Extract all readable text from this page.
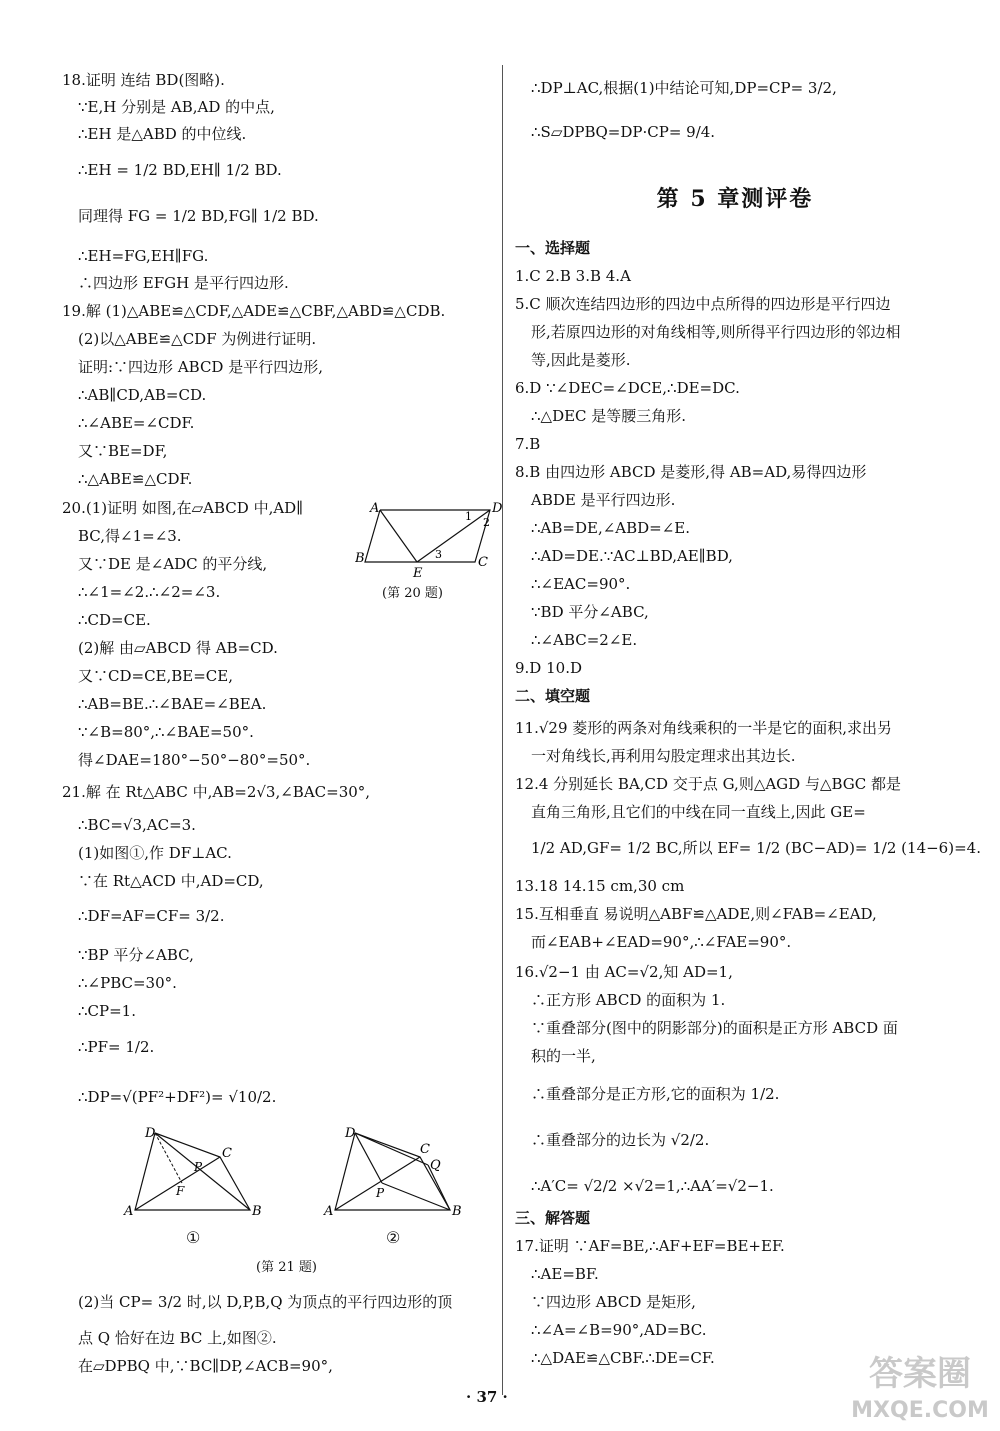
18.证明 连结 BD(图略).
∵E,H 分别是 AB,AD 的中点,
∴EH 是△ABD 的中位线.
∴EH = 1/2 BD,EH∥ 1/2 BD.
同理得 FG = 1/2 BD,FG∥ 1/2 BD.
∴EH=FG,EH∥FG.
∴四边形 EFGH 是平行四边形.
19.解 (1)△ABE≌△CDF,△ADE≌△CBF,△ABD≌△CDB.
(2)以△ABE≌△CDF 为例进行证明.
证明:∵四边形 ABCD 是平行四边形,
∴AB∥CD,AB=CD.
∴∠ABE=∠CDF.
又∵BE=DF,
∴△ABE≌△CDF.
20.(1)证明 如图,在▱ABCD 中,AD∥
BC,得∠1=∠3.
又∵DE 是∠ADC 的平分线,
∴∠1=∠2.∴∠2=∠3.
∴CD=CE.
(2)解 由▱ABCD 得 AB=CD.
又∵CD=CE,BE=CE,
∴AB=BE.∴∠BAE=∠BEA.
∵∠B=80°,∴∠BAE=50°.
得∠DAE=180°−50°−80°=50°.
21.解 在 Rt△ABC 中,AB=2√3,∠BAC=30°,
∴BC=√3,AC=3.
(1)如图①,作 DF⊥AC.
∵在 Rt△ACD 中,AD=CD,
∴DF=AF=CF= 3/2.
∵BP 平分∠ABC,
∴∠PBC=30°.
∴CP=1.
∴PF= 1/2.
∴DP=√(PF²+DF²)= √10/2.
(2)当 CP= 3/2 时,以 D,P,B,Q 为顶点的平行四边形的顶
点 Q 恰好在边 BC 上,如图②.
在▱DPBQ 中,∵BC∥DP,∠ACB=90°,
A
B
E
C
D
1 2
3
(第 20 题)
D
C
P
F
A	B
①
D
C
Q
P
A	B
②
(第 21 题)
∴DP⊥AC,根据(1)中结论可知,DP=CP= 3/2,
∴S▱DPBQ=DP·CP= 9/4.
第 5 章测评卷
一、选择题
1.C 2.B 3.B 4.A
5.C 顺次连结四边形的四边中点所得的四边形是平行四边
形,若原四边形的对角线相等,则所得平行四边形的邻边相
等,因此是菱形.
6.D ∵∠DEC=∠DCE,∴DE=DC.
∴△DEC 是等腰三角形.
7.B
8.B 由四边形 ABCD 是菱形,得 AB=AD,易得四边形
ABDE 是平行四边形.
∴AB=DE,∠ABD=∠E.
∴AD=DE.∵AC⊥BD,AE∥BD,
∴∠EAC=90°.
∵BD 平分∠ABC,
∴∠ABC=2∠E.
9.D 10.D
二、填空题
11.√29 菱形的两条对角线乘积的一半是它的面积,求出另
一对角线长,再利用勾股定理求出其边长.
12.4 分别延长 BA,CD 交于点 G,则△AGD 与△BGC 都是
直角三角形,且它们的中线在同一直线上,因此 GE=
1/2 AD,GF= 1/2 BC,所以 EF= 1/2 (BC−AD)= 1/2 (14−6)=4.
13.18 14.15 cm,30 cm
15.互相垂直 易说明△ABF≌△ADE,则∠FAB=∠EAD,
而∠EAB+∠EAD=90°,∴∠FAE=90°.
16.√2−1 由 AC=√2,知 AD=1,
∴正方形 ABCD 的面积为 1.
∵重叠部分(图中的阴影部分)的面积是正方形 ABCD 面
积的一半,
∴重叠部分是正方形,它的面积为 1/2.
∴重叠部分的边长为 √2/2.
∴A′C= √2/2 ×√2=1,∴AA′=√2−1.
三、解答题
17.证明 ∵AF=BE,∴AF+EF=BE+EF.
∴AE=BF.
∵四边形 ABCD 是矩形,
∴∠A=∠B=90°,AD=BC.
∴△DAE≌△CBF.∴DE=CF.
· 37 ·
答案圈
MXQE.COM
